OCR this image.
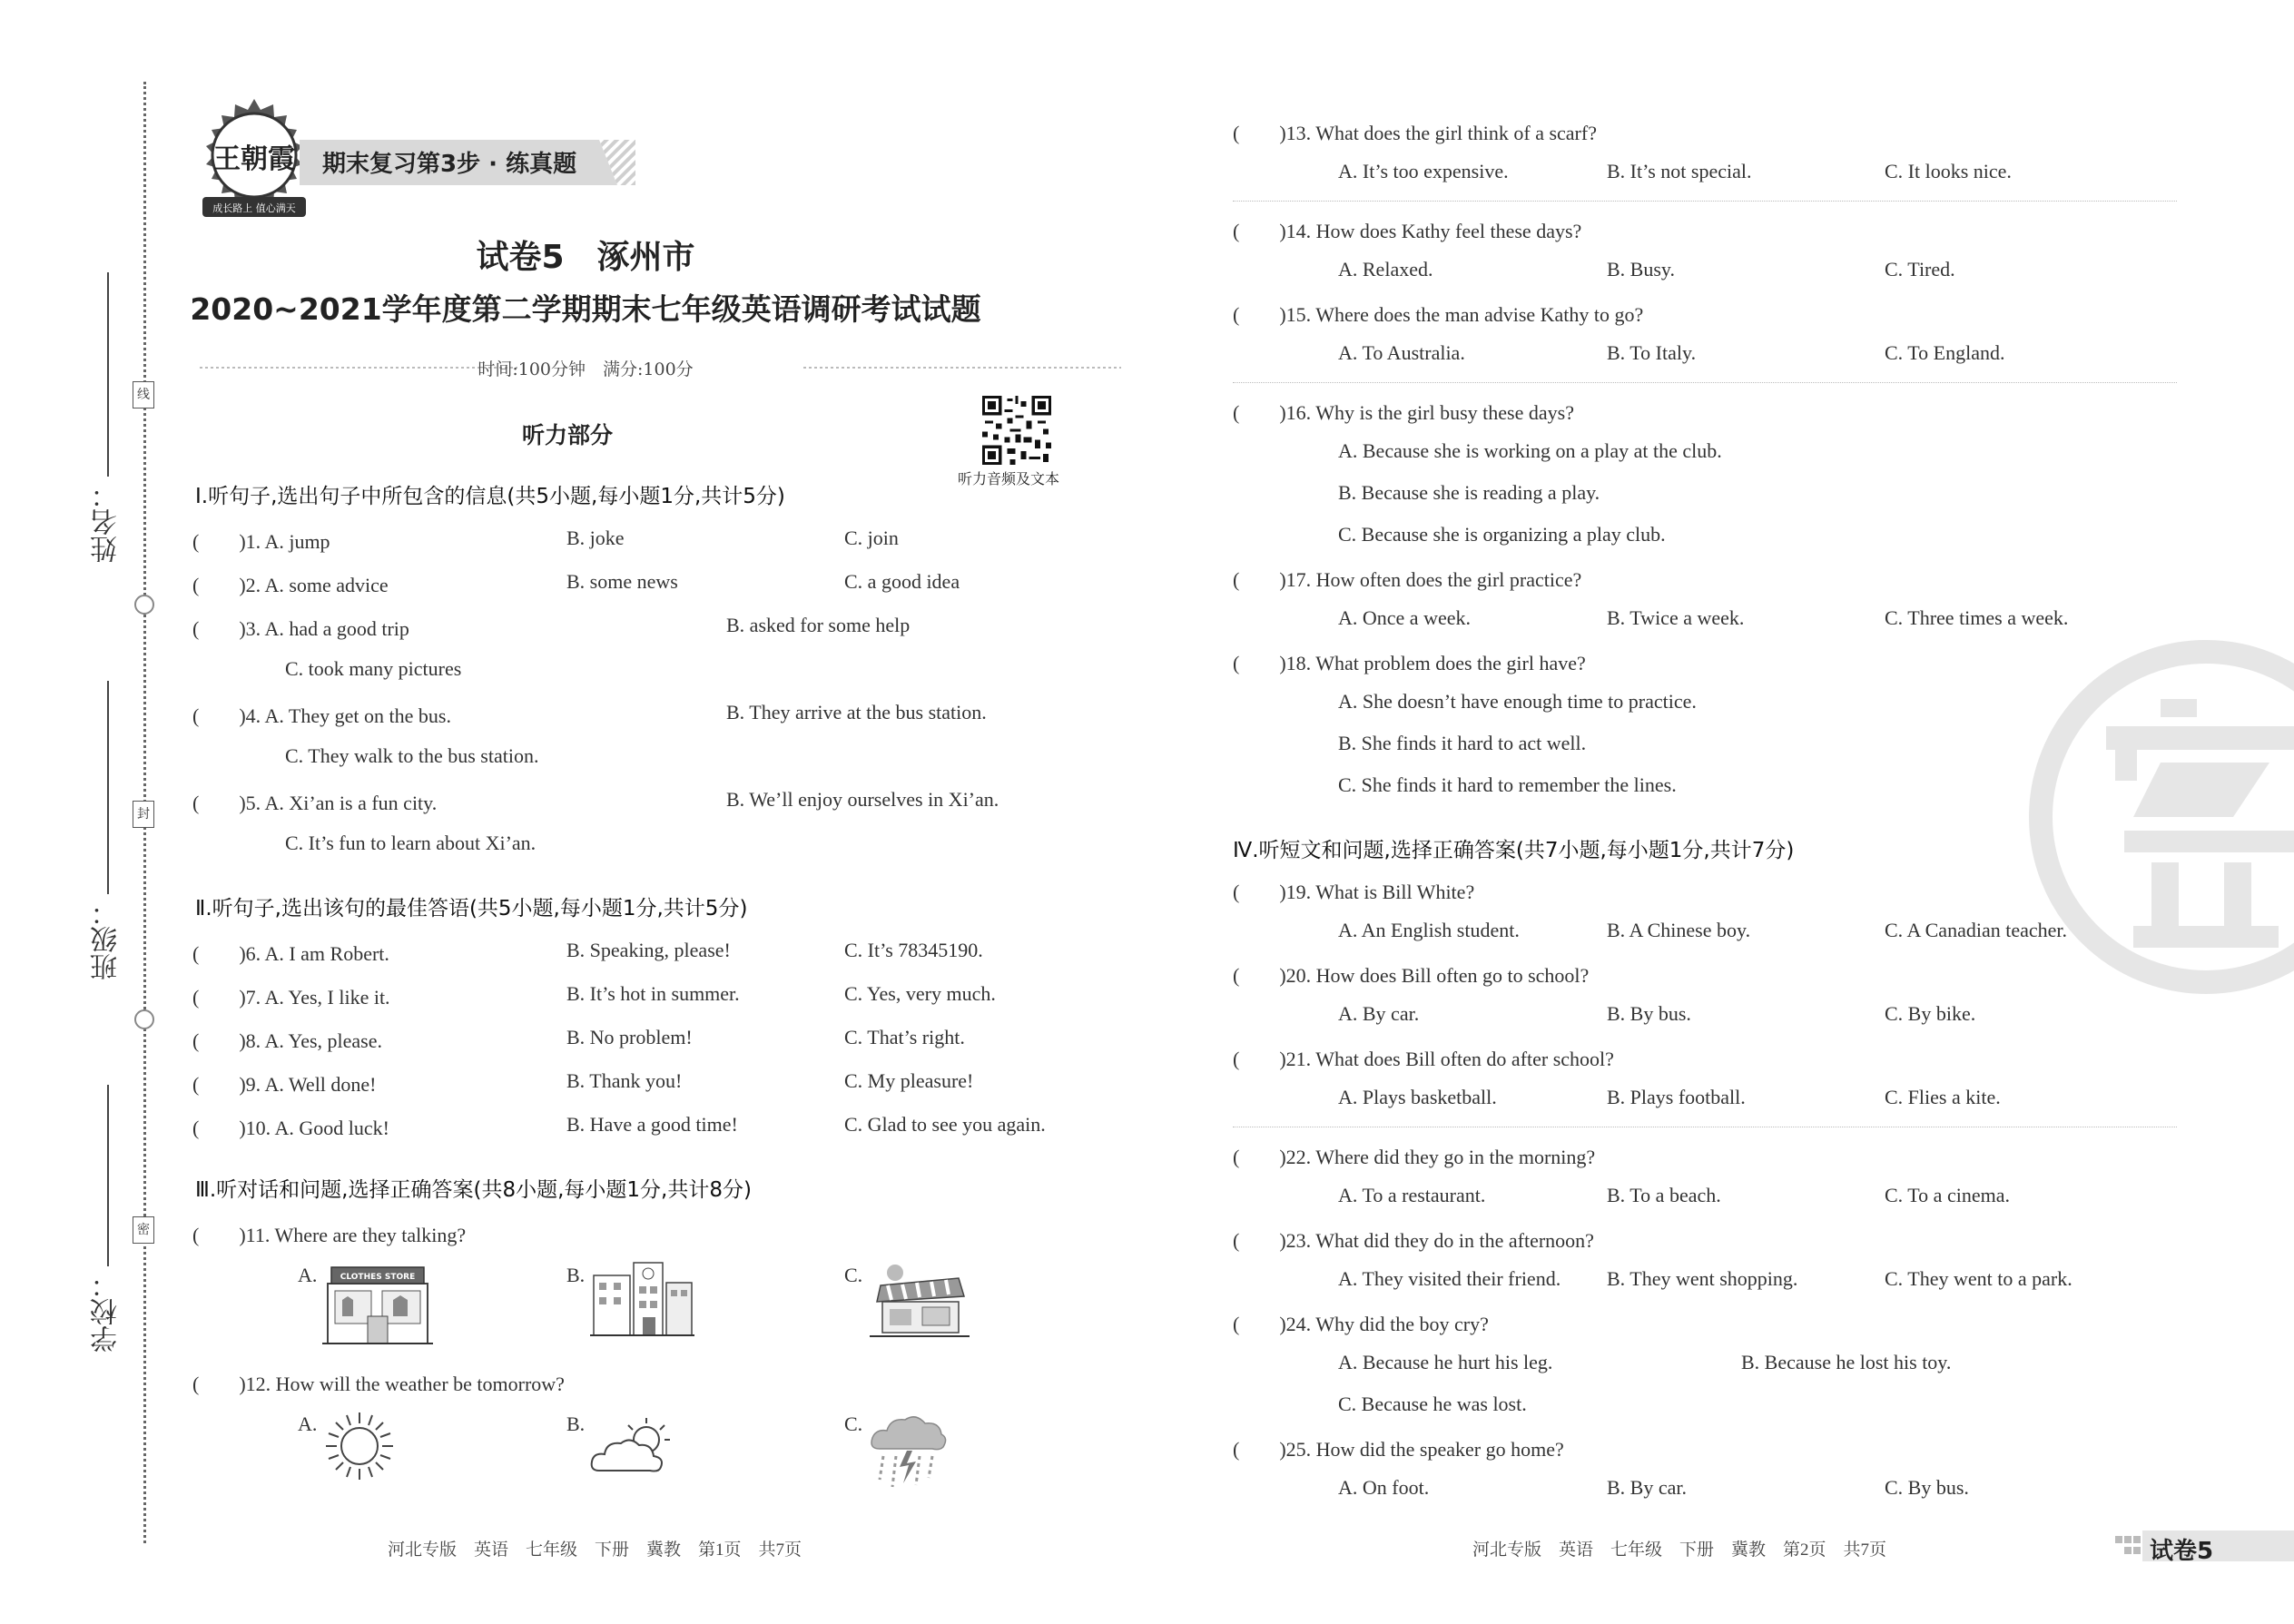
线
封
密
姓名：
班级：
学校：
王朝霞
成长路上 值心满天
期末复习第3步 · 练真题
试卷5　涿州市
2020~2021学年度第二学期期末七年级英语调研考试试题
时间:100分钟　满分:100分
听力部分
听力音频及文本
Ⅰ.听句子,选出句子中所包含的信息(共5小题,每小题1分,共计5分)
(　　)1. A. jump	B. joke	C. join
(　　)2. A. some advice	B. some news	C. a good idea
(　　)3. A. had a good trip	B. asked for some help
C. took many pictures
(　　)4. A. They get on the bus.	B. They arrive at the bus station.
C. They walk to the bus station.
(　　)5. A. Xi’an is a fun city.	B. We’ll enjoy ourselves in Xi’an.
C. It’s fun to learn about Xi’an.
Ⅱ.听句子,选出该句的最佳答语(共5小题,每小题1分,共计5分)
(　　)6. A. I am Robert.	B. Speaking, please!	C. It’s 78345190.
(　　)7. A. Yes, I like it.	B. It’s hot in summer.	C. Yes, very much.
(　　)8. A. Yes, please.	B. No problem!	C. That’s right.
(　　)9. A. Well done!	B. Thank you!	C. My pleasure!
(　　)10. A. Good luck!	B. Have a good time!	C. Glad to see you again.
Ⅲ.听对话和问题,选择正确答案(共8小题,每小题1分,共计8分)
(　　)11. Where are they talking?
A.	B.	C.
CLOTHES STORE
(　　)12. How will the weather be tomorrow?
A.	B.	C.
河北专版　英语　七年级　下册　冀教　第1页　共7页
(　　)13. What does the girl think of a scarf?
A. It’s too expensive.	B. It’s not special.	C. It looks nice.
(　　)14. How does Kathy feel these days?
A. Relaxed.	B. Busy.	C. Tired.
(　　)15. Where does the man advise Kathy to go?
A. To Australia.	B. To Italy.	C. To England.
(　　)16. Why is the girl busy these days?
A. Because she is working on a play at the club.
B. Because she is reading a play.
C. Because she is organizing a play club.
(　　)17. How often does the girl practice?
A. Once a week.	B. Twice a week.	C. Three times a week.
(　　)18. What problem does the girl have?
A. She doesn’t have enough time to practice.
B. She finds it hard to act well.
C. She finds it hard to remember the lines.
Ⅳ.听短文和问题,选择正确答案(共7小题,每小题1分,共计7分)
(　　)19. What is Bill White?
A. An English student.	B. A Chinese boy.	C. A Canadian teacher.
(　　)20. How does Bill often go to school?
A. By car.	B. By bus.	C. By bike.
(　　)21. What does Bill often do after school?
A. Plays basketball.	B. Plays football.	C. Flies a kite.
(　　)22. Where did they go in the morning?
A. To a restaurant.	B. To a beach.	C. To a cinema.
(　　)23. What did they do in the afternoon?
A. They visited their friend. B. They went shopping.	C. They went to a park.
(　　)24. Why did the boy cry?
A. Because he hurt his leg.	B. Because he lost his toy.
C. Because he was lost.
(　　)25. How did the speaker go home?
A. On foot.	B. By car.	C. By bus.
河北专版　英语　七年级　下册　冀教　第2页　共7页	试卷5
